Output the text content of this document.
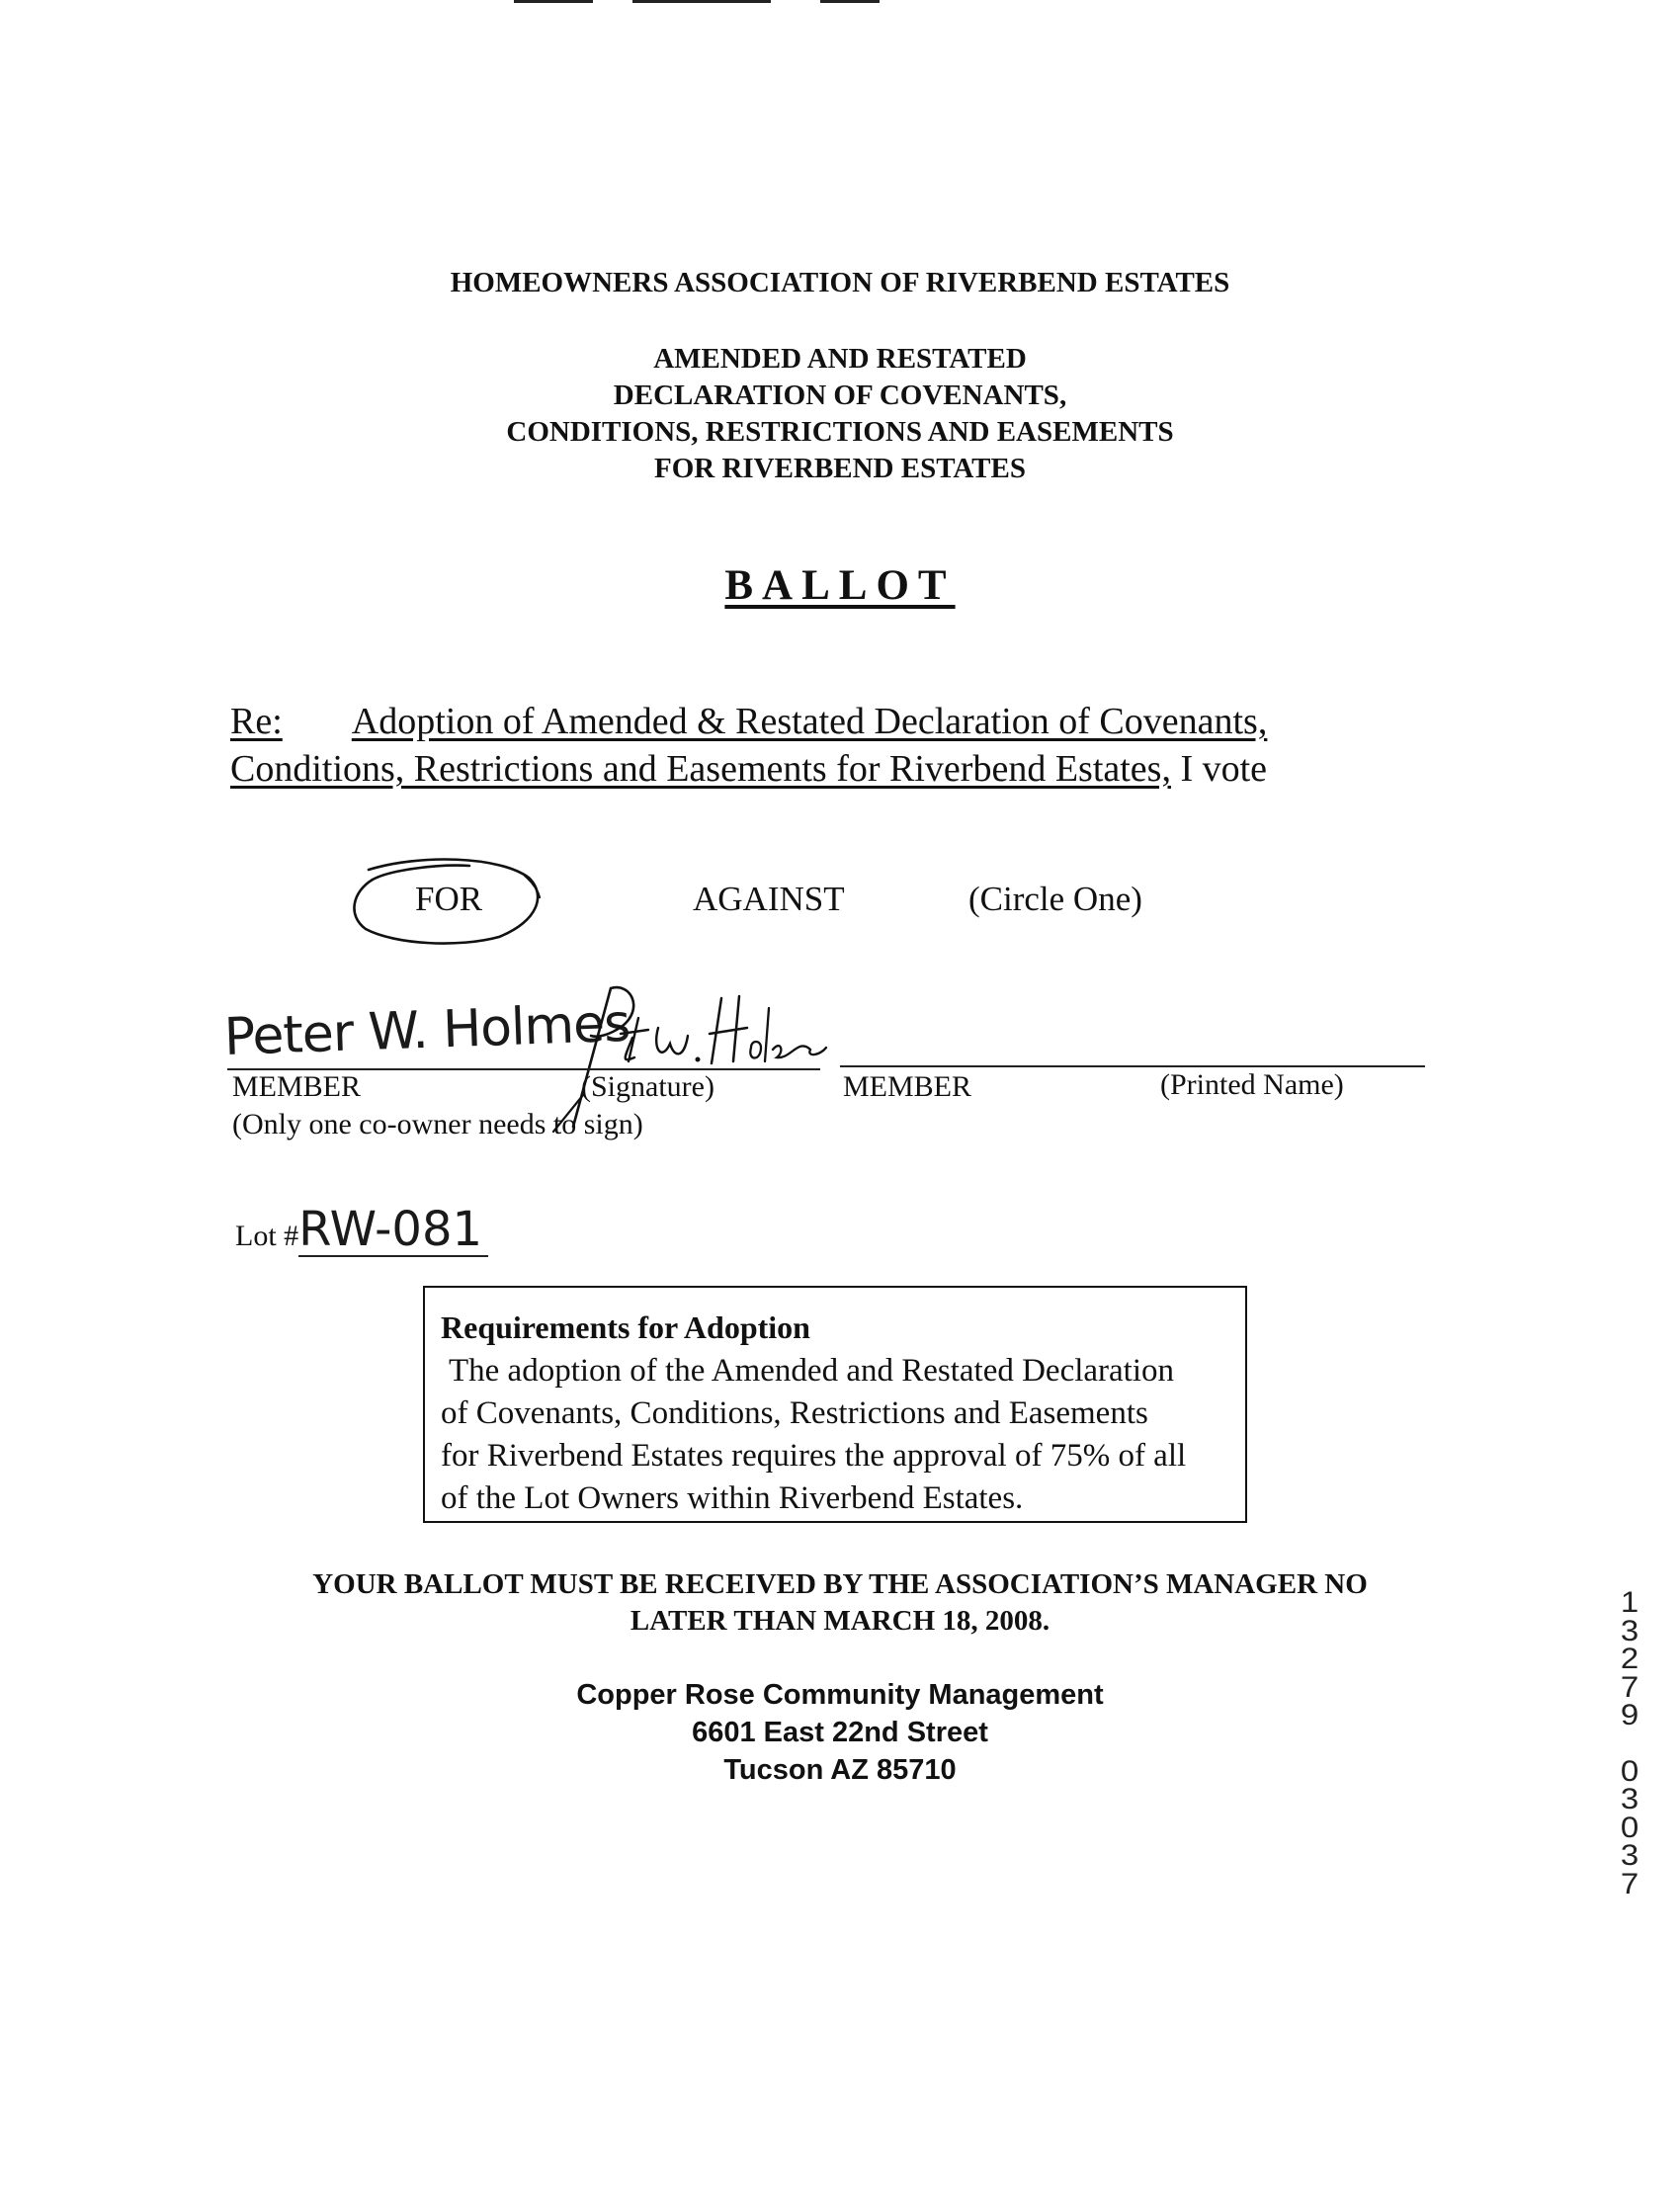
HOMEOWNERS ASSOCIATION OF RIVERBEND ESTATES
AMENDED AND RESTATED
DECLARATION OF COVENANTS,
CONDITIONS, RESTRICTIONS AND EASEMENTS
FOR RIVERBEND ESTATES
BALLOT
Re: Adoption of Amended & Restated Declaration of Covenants,
Conditions, Restrictions and Easements for Riverbend Estates, I vote
FOR	AGAINST	(Circle One)
Peter W. Holmes
MEMBER	(Signature)	MEMBER	(Printed Name)
(Only one co-owner needs to sign)
Lot #RW-081
Requirements for Adoption
The adoption of the Amended and Restated Declaration
of Covenants, Conditions, Restrictions and Easements
for Riverbend Estates requires the approval of 75% of all
of the Lot Owners within Riverbend Estates.
YOUR BALLOT MUST BE RECEIVED BY THE ASSOCIATION’S MANAGER NO
LATER THAN MARCH 18, 2008.
Copper Rose Community Management
6601 East 22nd Street
Tucson AZ 85710
1
3
2
7
9
0
3
0
3
7
